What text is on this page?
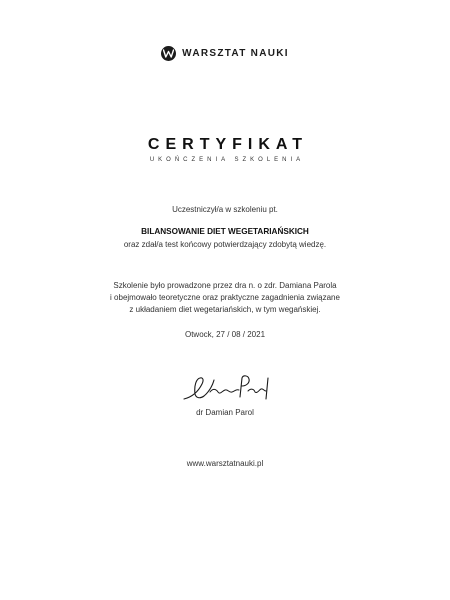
WARSZTAT NAUKI
CERTYFIKAT
UKOŃCZENIA SZKOLENIA
Uczestniczył/a w szkoleniu pt.
BILANSOWANIE DIET WEGETARIAŃSKICH
oraz zdał/a test końcowy potwierdzający zdobytą wiedzę.
Szkolenie było prowadzone przez dra n. o zdr. Damiana Parola
i obejmowało teoretyczne oraz praktyczne zagadnienia związane
z układaniem diet wegetariańskich, w tym wegańskiej.
Otwock, 27 / 08 / 2021
dr Damian Parol
www.warsztatnauki.pl
